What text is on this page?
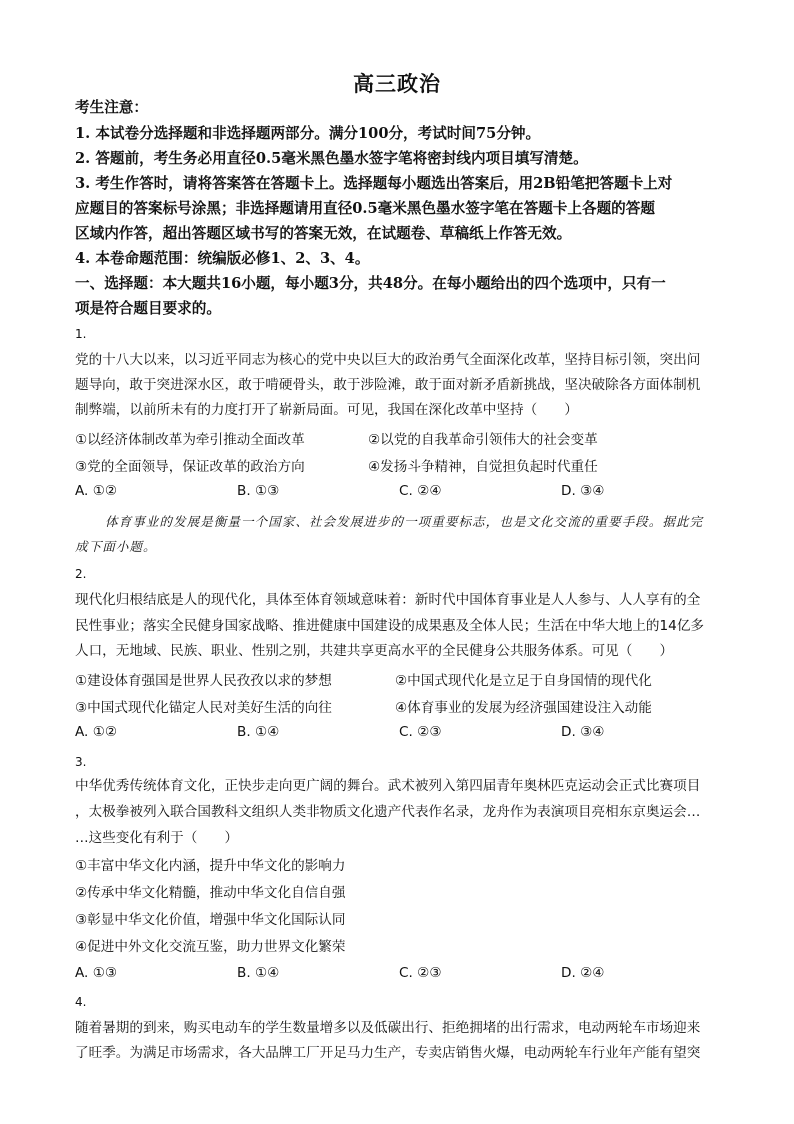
高三政治
考生注意：
1. 本试卷分选择题和非选择题两部分。满分100分，考试时间75分钟。
2. 答题前，考生务必用直径0.5毫米黑色墨水签字笔将密封线内项目填写清楚。
3. 考生作答时，请将答案答在答题卡上。选择题每小题选出答案后，用2B铅笔把答题卡上对
应题目的答案标号涂黑；非选择题请用直径0.5毫米黑色墨水签字笔在答题卡上各题的答题
区域内作答，超出答题区域书写的答案无效，在试题卷、草稿纸上作答无效。
4. 本卷命题范围：统编版必修1、2、3、4。
一、选择题：本大题共16小题，每小题3分，共48分。在每小题给出的四个选项中，只有一
项是符合题目要求的。
1.
党的十八大以来，以习近平同志为核心的党中央以巨大的政治勇气全面深化改革，坚持目标引领，突出问
题导向，敢于突进深水区，敢于啃硬骨头，敢于涉险滩，敢于面对新矛盾新挑战，坚决破除各方面体制机
制弊端，以前所未有的力度打开了崭新局面。可见，我国在深化改革中坚持（　　）
①以经济体制改革为牵引推动全面改革	②以党的自我革命引领伟大的社会变革
③党的全面领导，保证改革的政治方向	④发扬斗争精神，自觉担负起时代重任
A. ①②	B. ①③	C. ②④	D. ③④
体育事业的发展是衡量一个国家、社会发展进步的一项重要标志，也是文化交流的重要手段。据此完
成下面小题。
2.
现代化归根结底是人的现代化，具体至体育领域意味着：新时代中国体育事业是人人参与、人人享有的全
民性事业；落实全民健身国家战略、推进健康中国建设的成果惠及全体人民；生活在中华大地上的14亿多
人口，无地域、民族、职业、性别之别，共建共享更高水平的全民健身公共服务体系。可见（　　）
①建设体育强国是世界人民孜孜以求的梦想	②中国式现代化是立足于自身国情的现代化
③中国式现代化锚定人民对美好生活的向往	④体育事业的发展为经济强国建设注入动能
A. ①②	B. ①④	C. ②③	D. ③④
3.
中华优秀传统体育文化，正快步走向更广阔的舞台。武术被列入第四届青年奥林匹克运动会正式比赛项目
，太极拳被列入联合国教科文组织人类非物质文化遗产代表作名录，龙舟作为表演项目亮相东京奥运会…
…这些变化有利于（　　）
①丰富中华文化内涵，提升中华文化的影响力
②传承中华文化精髓，推动中华文化自信自强
③彰显中华文化价值，增强中华文化国际认同
④促进中外文化交流互鉴，助力世界文化繁荣
A. ①③	B. ①④	C. ②③	D. ②④
4.
随着暑期的到来，购买电动车的学生数量增多以及低碳出行、拒绝拥堵的出行需求，电动两轮车市场迎来
了旺季。为满足市场需求，各大品牌工厂开足马力生产，专卖店销售火爆，电动两轮车行业年产能有望突
